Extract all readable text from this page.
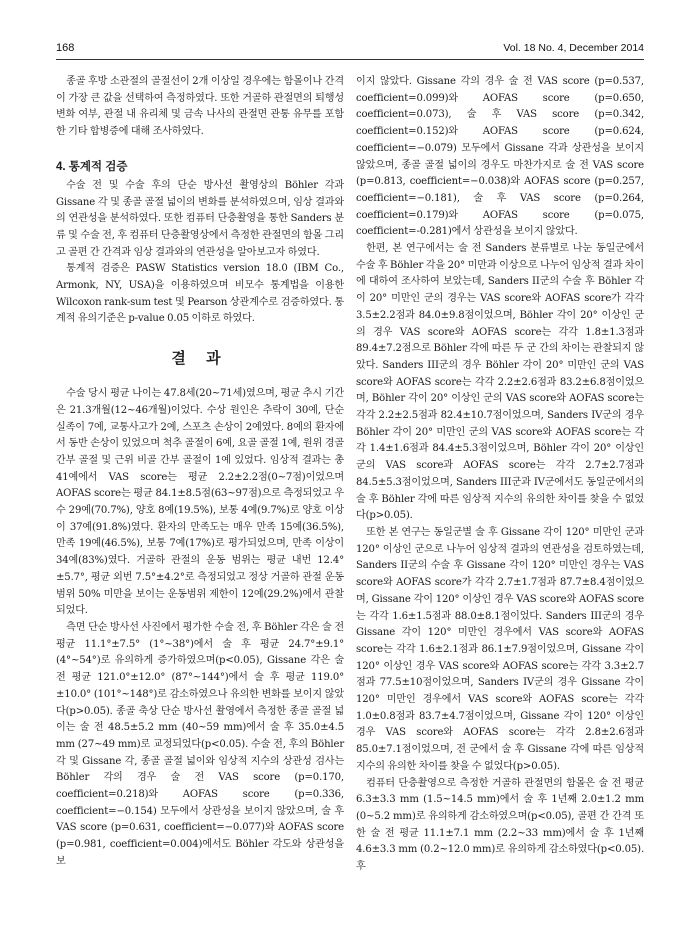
168	Vol. 18 No. 4, December 2014

종골 후방 소관절의 골절선이 2개 이상일 경우에는 함몰이나 간격이 가장 큰 값을 선택하여 측정하였다. 또한 거골하 관절면의 퇴행성 변화 여부, 관절 내 유리체 및 금속 나사의 관절면 관통 유무를 포함한 기타 합병증에 대해 조사하였다.

4. 통계적 검증

수술 전 및 수술 후의 단순 방사선 촬영상의 Böhler 각과 Gissane 각 및 종골 골절 넓이의 변화를 분석하였으며, 임상 결과와의 연관성을 분석하였다. 또한 컴퓨터 단층촬영을 통한 Sanders 분류 및 수술 전, 후 컴퓨터 단층촬영상에서 측정한 관절면의 함몰 그리고 골편 간 간격과 임상 결과와의 연관성을 알아보고자 하였다.

통계적 검증은 PASW Statistics version 18.0 (IBM Co., Armonk, NY, USA)을 이용하였으며 비모수 통계법을 이용한 Wilcoxon rank-sum test 및 Pearson 상관계수로 검증하였다. 통계적 유의기준은 p-value 0.05 이하로 하였다.

결 과

수술 당시 평균 나이는 47.8세(20~71세)였으며, 평균 추시 기간은 21.3개월(12~46개월)이었다. 수상 원인은 추락이 30예, 단순 실족이 7예, 교통사고가 2예, 스포츠 손상이 2예였다. 8예의 환자에서 동반 손상이 있었으며 척추 골절이 6예, 요골 골절 1예, 원위 경골 간부 골절 및 근위 비골 간부 골절이 1예 있었다. 임상적 결과는 총 41예에서 VAS score는 평균 2.2±2.2점(0~7점)이었으며 AOFAS score는 평균 84.1±8.5점(63~97점)으로 측정되었고 우수 29예(70.7%), 양호 8예(19.5%), 보통 4예(9.7%)로 양호 이상이 37예(91.8%)였다. 환자의 만족도는 매우 만족 15예(36.5%), 만족 19예(46.5%), 보통 7예(17%)로 평가되었으며, 만족 이상이 34예(83%)였다. 거골하 관절의 운동 범위는 평균 내번 12.4°±5.7°, 평균 외번 7.5°±4.2°로 측정되었고 정상 거골하 관절 운동 범위 50% 미만을 보이는 운동범위 제한이 12예(29.2%)에서 관찰되었다.

측면 단순 방사선 사진에서 평가한 수술 전, 후 Böhler 각은 술 전 평균 11.1°±7.5° (1°~38°)에서 술 후 평균 24.7°±9.1° (4°~54°)로 유의하게 증가하였으며(p<0.05), Gissane 각은 술 전 평균 121.0°±12.0° (87°~144°)에서 술 후 평균 119.0°±10.0° (101°~148°)로 감소하였으나 유의한 변화를 보이지 않았다(p>0.05). 종골 축상 단순 방사선 촬영에서 측정한 종골 골절 넓이는 술 전 48.5±5.2 mm (40~59 mm)에서 술 후 35.0±4.5 mm (27~49 mm)로 교정되었다(p<0.05). 수술 전, 후의 Böhler 각 및 Gissane 각, 종골 골절 넓이와 임상적 지수의 상관성 검사는 Böhler 각의 경우 술 전 VAS score (p=0.170, coefficient=0.218)와 AOFAS score (p=0.336, coefficient=−0.154) 모두에서 상관성을 보이지 않았으며, 술 후 VAS score (p=0.631, coefficient=−0.077)와 AOFAS score (p=0.981, coefficient=0.004)에서도 Böhler 각도와 상관성을 보

이지 않았다. Gissane 각의 경우 술 전 VAS score (p=0.537, coefficient=0.099)와 AOFAS score (p=0.650, coefficient=0.073), 술 후 VAS score (p=0.342, coefficient=0.152)와 AOFAS score (p=0.624, coefficient=−0.079) 모두에서 Gissane 각과 상관성을 보이지 않았으며, 종골 골절 넓이의 경우도 마찬가지로 술 전 VAS score (p=0.813, coefficient=−0.038)와 AOFAS score (p=0.257, coefficient=−0.181), 술 후 VAS score (p=0.264, coefficient=0.179)와 AOFAS score (p=0.075, coefficient=-0.281)에서 상관성을 보이지 않았다.

한편, 본 연구에서는 술 전 Sanders 분류별로 나눈 동일군에서 수술 후 Böhler 각을 20° 미만과 이상으로 나누어 임상적 결과 차이에 대하여 조사하여 보았는데, Sanders II군의 수술 후 Böhler 각이 20° 미만인 군의 경우는 VAS score와 AOFAS score가 각각 3.5±2.2점과 84.0±9.8점이었으며, Böhler 각이 20° 이상인 군의 경우 VAS score와 AOFAS score는 각각 1.8±1.3점과 89.4±7.2점으로 Böhler 각에 따른 두 군 간의 차이는 관찰되지 않았다. Sanders III군의 경우 Böhler 각이 20° 미만인 군의 VAS score와 AOFAS score는 각각 2.2±2.6점과 83.2±6.8점이었으며, Böhler 각이 20° 이상인 군의 VAS score와 AOFAS score는 각각 2.2±2.5점과 82.4±10.7점이었으며, Sanders IV군의 경우 Böhler 각이 20° 미만인 군의 VAS score와 AOFAS score는 각각 1.4±1.6점과 84.4±5.3점이었으며, Böhler 각이 20° 이상인 군의 VAS score과 AOFAS score는 각각 2.7±2.7점과 84.5±5.3점이었으며, Sanders III군과 IV군에서도 동일군에서의 술 후 Böhler 각에 따른 임상적 지수의 유의한 차이를 찾을 수 없었다(p>0.05).

또한 본 연구는 동일군별 술 후 Gissane 각이 120° 미만인 군과 120° 이상인 군으로 나누어 임상적 결과의 연관성을 검토하였는데, Sanders II군의 수술 후 Gissane 각이 120° 미만인 경우는 VAS score와 AOFAS score가 각각 2.7±1.7점과 87.7±8.4점이었으며, Gissane 각이 120° 이상인 경우 VAS score와 AOFAS score는 각각 1.6±1.5점과 88.0±8.1점이었다. Sanders III군의 경우 Gissane 각이 120° 미만인 경우에서 VAS score와 AOFAS score는 각각 1.6±2.1점과 86.1±7.9점이었으며, Gissane 각이 120° 이상인 경우 VAS score와 AOFAS score는 각각 3.3±2.7점과 77.5±10점이었으며, Sanders IV군의 경우 Gissane 각이 120° 미만인 경우에서 VAS score와 AOFAS score는 각각 1.0±0.8점과 83.7±4.7점이었으며, Gissane 각이 120° 이상인 경우 VAS score와 AOFAS score는 각각 2.8±2.6점과 85.0±7.1점이었으며, 전 군에서 술 후 Gissane 각에 따른 임상적 지수의 유의한 차이를 찾을 수 없었다(p>0.05).

컴퓨터 단층촬영으로 측정한 거골하 관절면의 함몰은 술 전 평균 6.3±3.3 mm (1.5~14.5 mm)에서 술 후 1년째 2.0±1.2 mm (0~5.2 mm)로 유의하게 감소하였으며(p<0.05), 골편 간 간격 또한 술 전 평균 11.1±7.1 mm (2.2~33 mm)에서 술 후 1년째 4.6±3.3 mm (0.2~12.0 mm)로 유의하게 감소하였다(p<0.05). 후
